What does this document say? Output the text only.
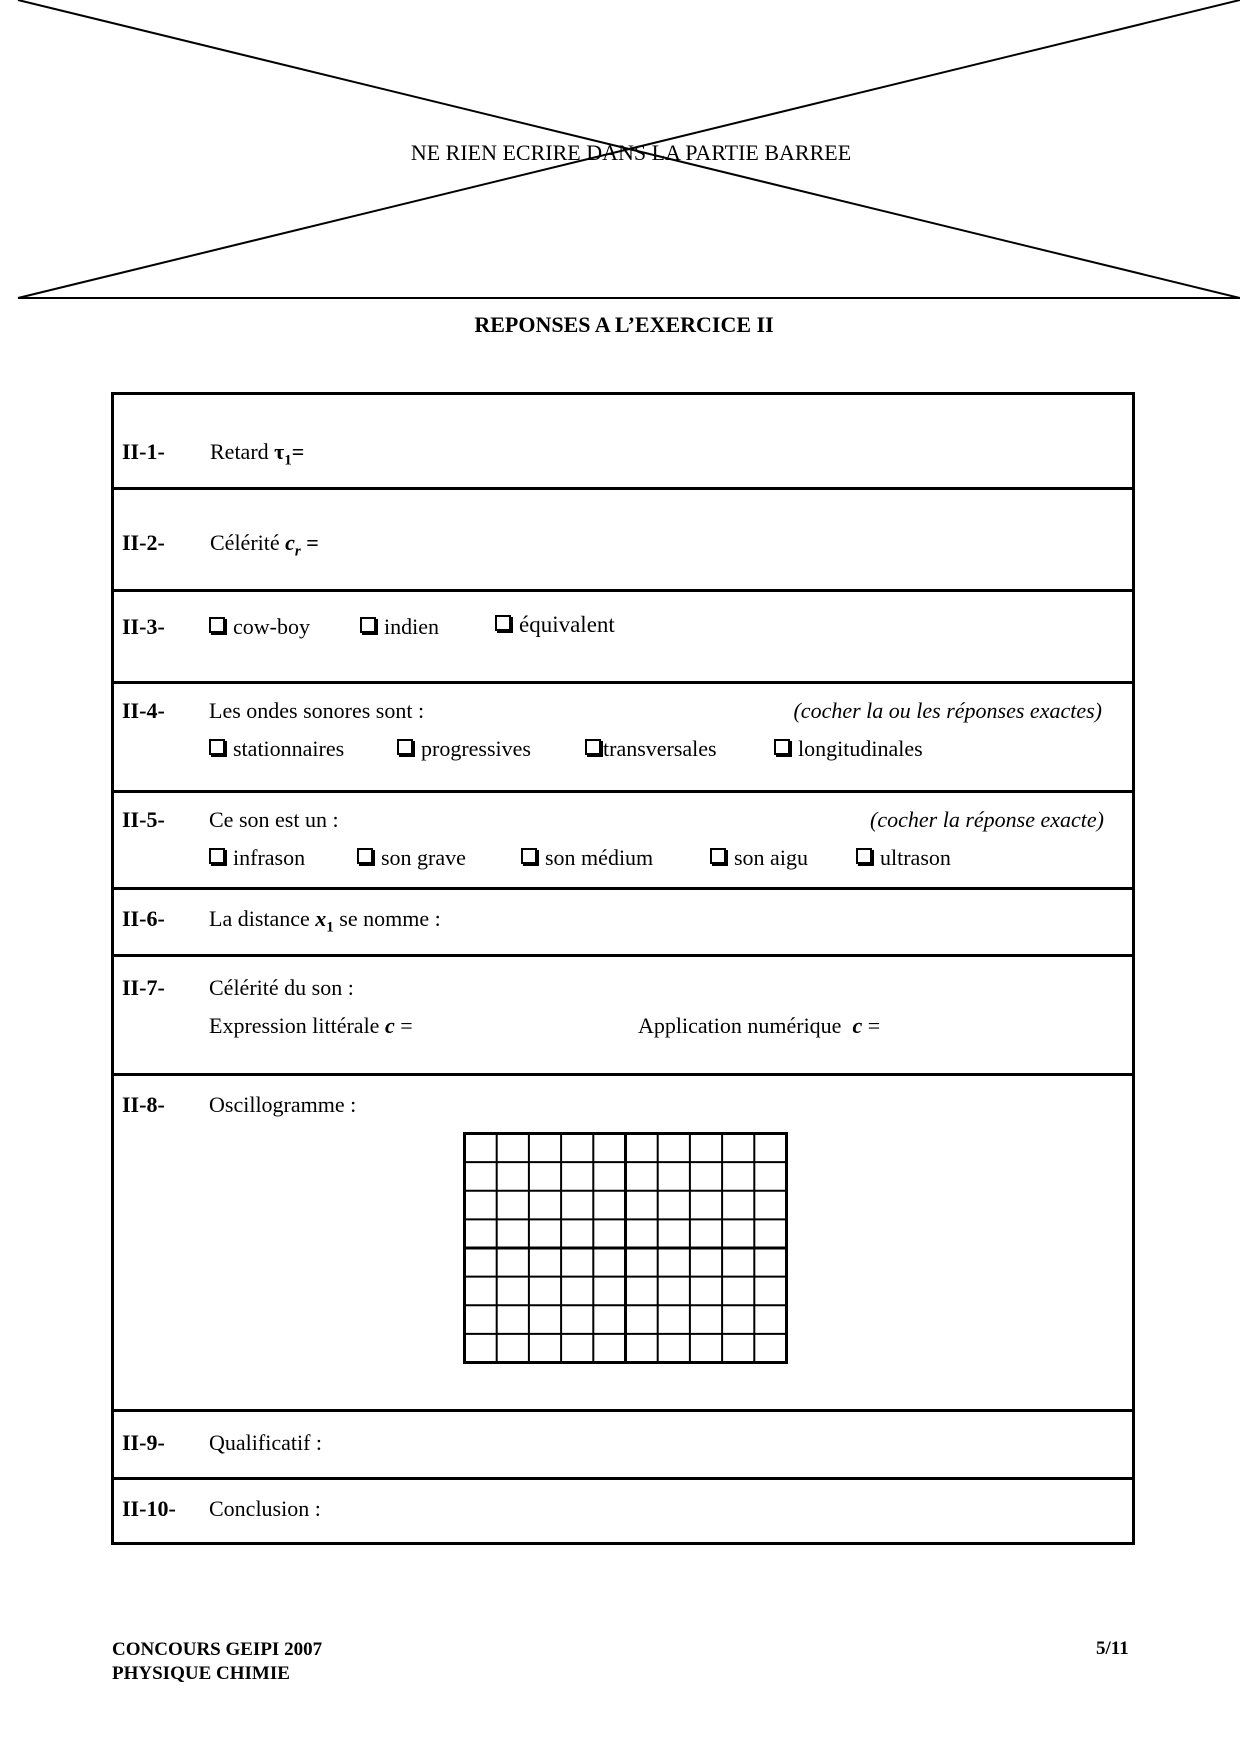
NE RIEN ECRIRE DANS LA PARTIE BARREE
REPONSES A L’EXERCICE II
II-1- Retard $\tau_1=$
II-2- Célérité $c_r$ =
II-3-	cow-boy	indien	équivalent
II-4- Les ondes sonores sont :	(cocher la ou les réponses exactes)
stationnaires	progressives	transversales	longitudinales
II-5- Ce son est un :	(cocher la réponse exacte)
infrason	son grave	son médium	son aigu	ultrason
II-6- La distance $x_1$ se nomme :
II-7- Célérité du son :
Expression littérale c =	Application numérique c =
II-8- Oscillogramme :
II-9- Qualificatif :
II-10- Conclusion :
CONCOURS GEIPI 2007
PHYSIQUE CHIMIE
5/11
